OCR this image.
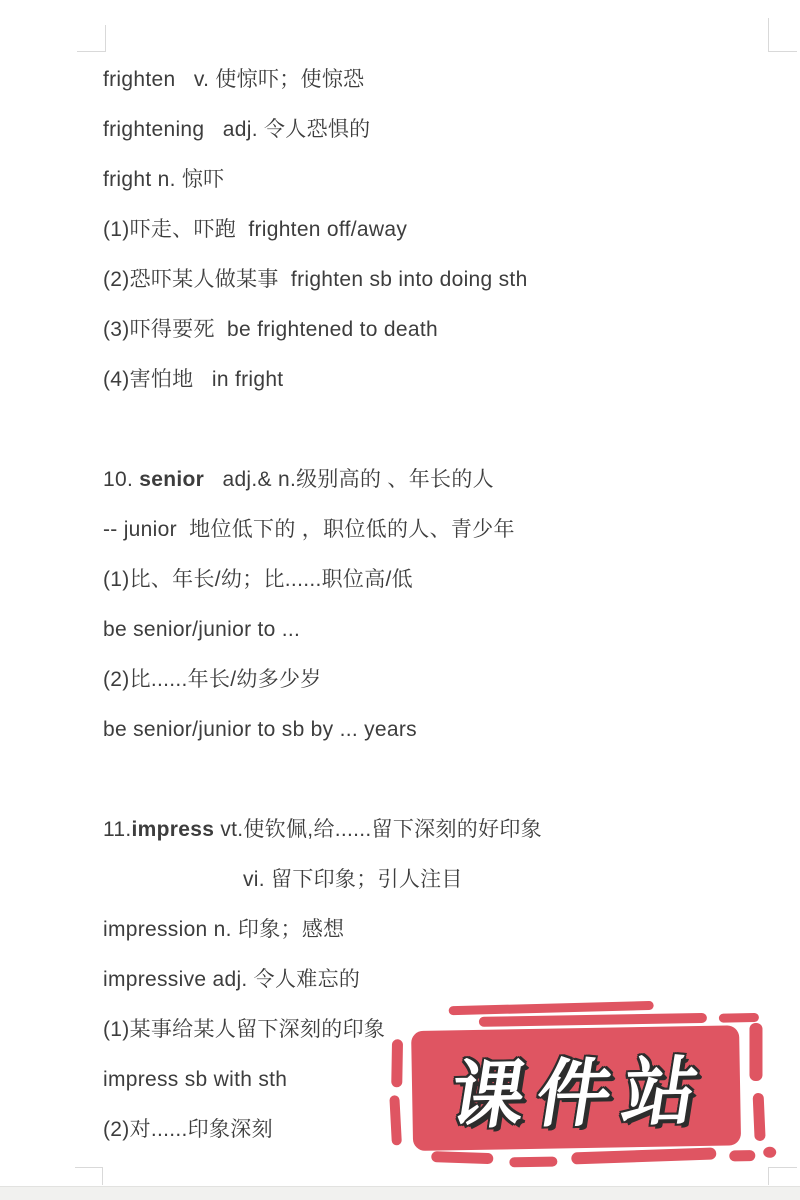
frighten   v. 使惊吓；使惊恐

frightening   adj. 令人恐惧的

fright n. 惊吓

(1)吓走、吓跑  frighten off/away

(2)恐吓某人做某事  frighten sb into doing sth

(3)吓得要死  be frightened to death

(4)害怕地   in fright

10. senior   adj.& n.级别高的 、年长的人

-- junior  地位低下的 ，职位低的人、青少年

(1)比、年长/幼；比......职位高/低

be senior/junior to ...

(2)比......年长/幼多少岁

be senior/junior to sb by ... years

11.impress vt.使钦佩,给......留下深刻的好印象

vi. 留下印象；引人注目

impression n. 印象；感想

impressive adj. 令人难忘的

(1)某事给某人留下深刻的印象

impress sb with sth

(2)对......印象深刻	课件站
